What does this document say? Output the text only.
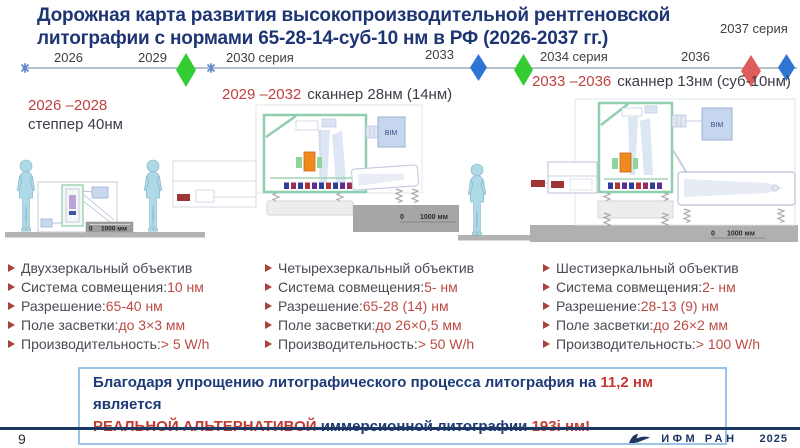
Дорожная карта развития высокопроизводительной рентгеновской
литографии с нормами 65-28-14-суб-10 нм в РФ (2026-2037 гг.)
2026	2029	2030 серия	2033	2034 серия	2036
2037 серия
2026 –2028
степпер 40нм
2029 –2032 сканнер 28нм (14нм)
2033 –2036 сканнер 13нм (суб-10нм)
0 1000 мм
0 1000 мм
BIM
BIM
0 1000 мм
Двухзеркальный объектив
Система совмещения: 10 нм
Разрешение: 65-40 нм
Поле засветки: до 3×3 мм
Производительность: > 5 W/h
Четырехзеркальный объектив
Система совмещения: 5- нм
Разрешение: 65-28 (14) нм
Поле засветки: до 26×0,5 мм
Производительность: > 50 W/h
Шестизеркальный объектив
Система совмещения: 2- нм
Разрешение: 28-13 (9) нм
Поле засветки: до 26×2 мм
Производительность: > 100 W/h
Благодаря упрощению литографического процесса литография на 11,2 нм является
9	ИФМ РАН 2025
